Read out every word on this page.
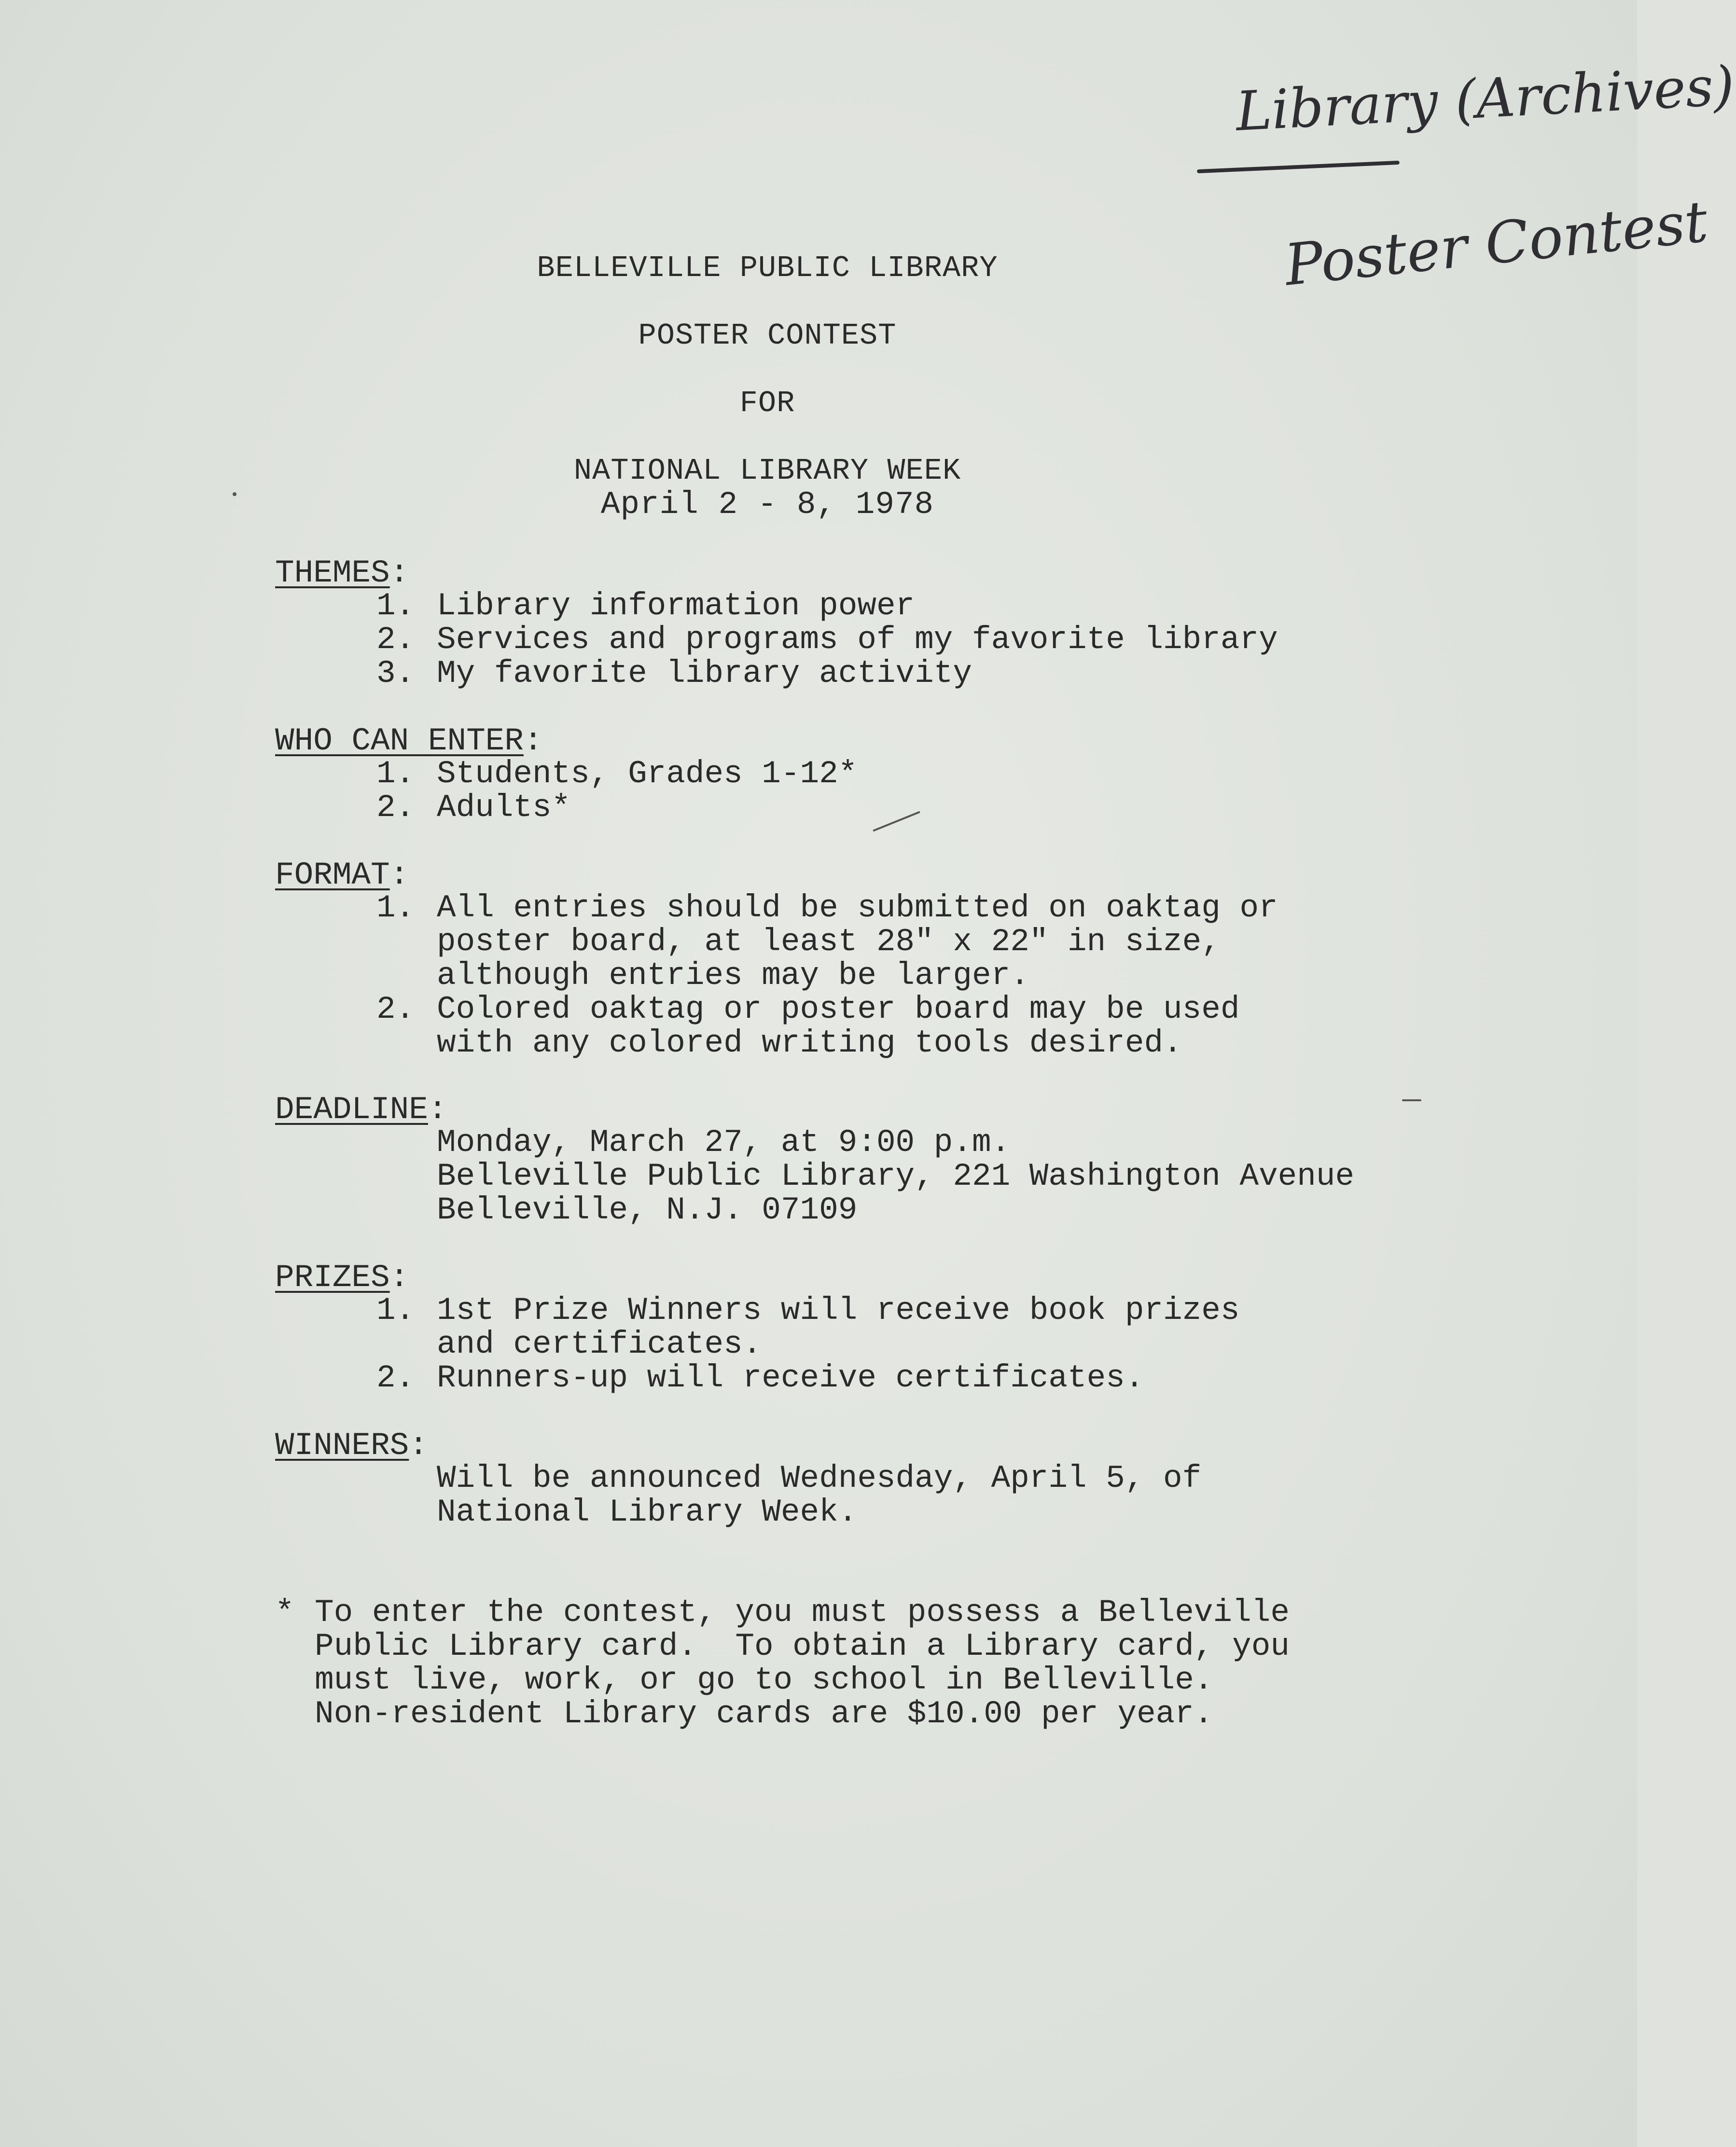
Library (Archives)
Poster Contest
BELLEVILLE PUBLIC LIBRARY
POSTER CONTEST
FOR
NATIONAL LIBRARY WEEK
April 2 - 8, 1978
THEMES:
1. Library information power
2. Services and programs of my favorite library
3. My favorite library activity
WHO CAN ENTER:
1. Students, Grades 1-12*
2. Adults*
FORMAT:
1. All entries should be submitted on oaktag or
poster board, at least 28" x 22" in size,
although entries may be larger.
2. Colored oaktag or poster board may be used
with any colored writing tools desired.
DEADLINE:
Monday, March 27, at 9:00 p.m.
Belleville Public Library, 221 Washington Avenue
Belleville, N.J. 07109
PRIZES:
1. 1st Prize Winners will receive book prizes
and certificates.
2. Runners-up will receive certificates.
WINNERS:
Will be announced Wednesday, April 5, of
National Library Week.
* To enter the contest, you must possess a Belleville
Public Library card.  To obtain a Library card, you
must live, work, or go to school in Belleville.
Non-resident Library cards are $10.00 per year.
